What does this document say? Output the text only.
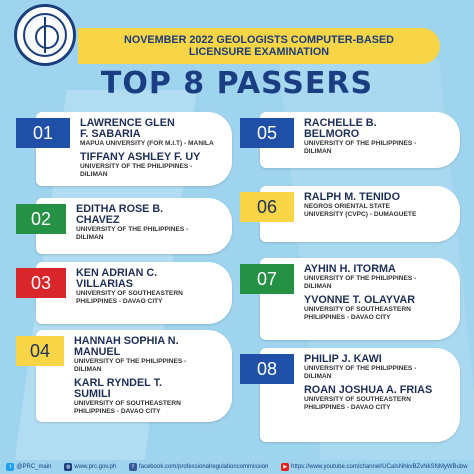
NOVEMBER 2022 GEOLOGISTS COMPUTER-BASED
LICENSURE EXAMINATION
TOP 8 PASSERS
01	LAWRENCE GLEN
F. SABARIA
MAPUA UNIVERSITY (FOR M.I.T) - MANILA
TIFFANY ASHLEY F. UY
UNIVERSITY OF THE PHILIPPINES -
DILIMAN
02	EDITHA ROSE B.
CHAVEZ
UNIVERSITY OF THE PHILIPPINES -
DILIMAN
03	KEN ADRIAN C.
VILLARIAS
UNIVERSITY OF SOUTHEASTERN
PHILIPPINES - DAVAO CITY
04	HANNAH SOPHIA N.
MANUEL
UNIVERSITY OF THE PHILIPPINES -
DILIMAN
KARL RYNDEL T.
SUMILI
UNIVERSITY OF SOUTHEASTERN
PHILIPPINES - DAVAO CITY
05	RACHELLE B.
BELMORO
UNIVERSITY OF THE PHILIPPINES -
DILIMAN
06	RALPH M. TENIDO
NEGROS ORIENTAL STATE
UNIVERSITY (CVPC) - DUMAGUETE
07	AYHIN H. ITORMA
UNIVERSITY OF THE PHILIPPINES -
DILIMAN
YVONNE T. OLAYVAR
UNIVERSITY OF SOUTHEASTERN
PHILIPPINES - DAVAO CITY
08	PHILIP J. KAWI
UNIVERSITY OF THE PHILIPPINES -
DILIMAN
ROAN JOSHUA A. FRIAS
UNIVERSITY OF SOUTHEASTERN
PHILIPPINES - DAVAO CITY
t @PRC_main	◍ www.prc.gov.ph	f facebook.com/professionalregulationcommission	▶ https://www.youtube.com/channel/UCaIsNhkvBZvNkSNMyWBubw
